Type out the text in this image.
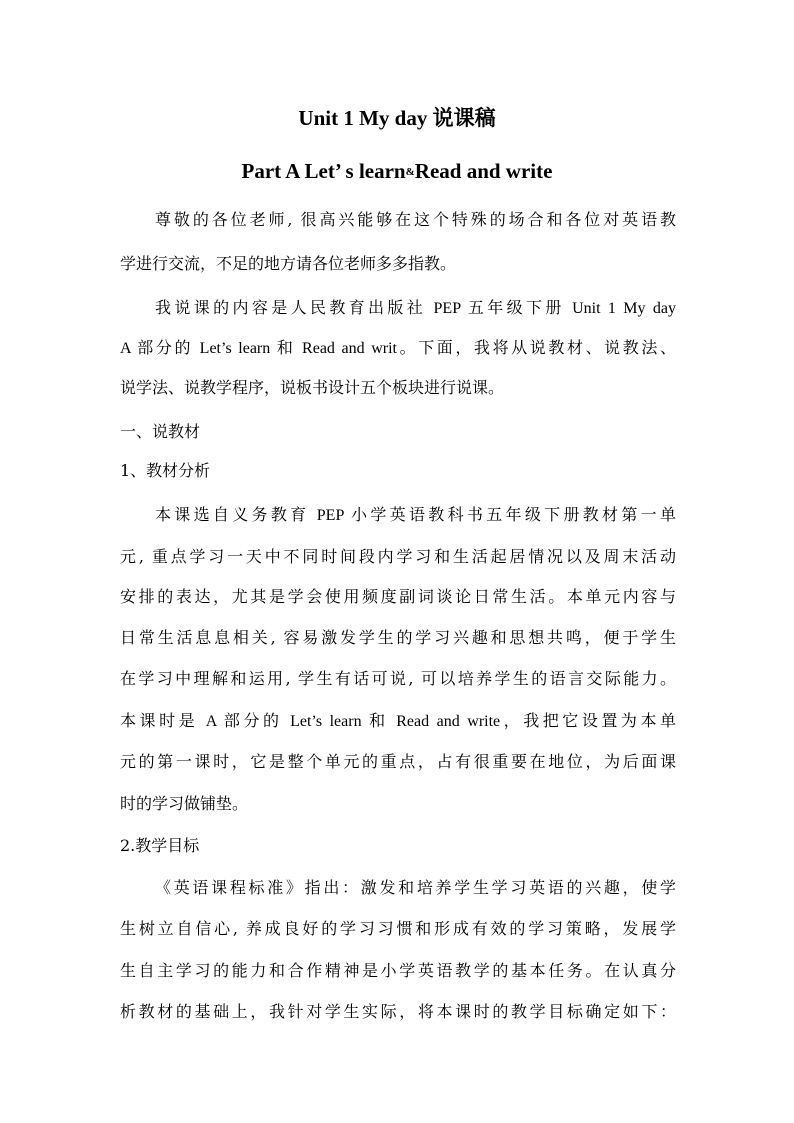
Unit 1 My day 说课稿
Part A Let’ s learn&Read and write
尊敬的各位老师, 很高兴能够在这个特殊的场合和各位对英语教
学进行交流，不足的地方请各位老师多多指教。
我说课的内容是人民教育出版社 PEP 五年级下册 Unit 1 My day
A 部分的 Let’s learn 和 Read and writ。下面，我将从说教材、说教法、
说学法、说教学程序，说板书设计五个板块进行说课。
一、说教材
1、教材分析
本课选自义务教育 PEP 小学英语教科书五年级下册教材第一单
元, 重点学习一天中不同时间段内学习和生活起居情况以及周末活动
安排的表达，尤其是学会使用频度副词谈论日常生活。本单元内容与
日常生活息息相关, 容易激发学生的学习兴趣和思想共鸣，便于学生
在学习中理解和运用, 学生有话可说, 可以培养学生的语言交际能力。
本课时是 A 部分的 Let’s learn 和 Read and write，我把它设置为本单
元的第一课时，它是整个单元的重点，占有很重要在地位，为后面课
时的学习做铺垫。
2.教学目标
《英语课程标准》指出：激发和培养学生学习英语的兴趣，使学
生树立自信心, 养成良好的学习习惯和形成有效的学习策略，发展学
生自主学习的能力和合作精神是小学英语教学的基本任务。在认真分
析教材的基础上，我针对学生实际，将本课时的教学目标确定如下：
